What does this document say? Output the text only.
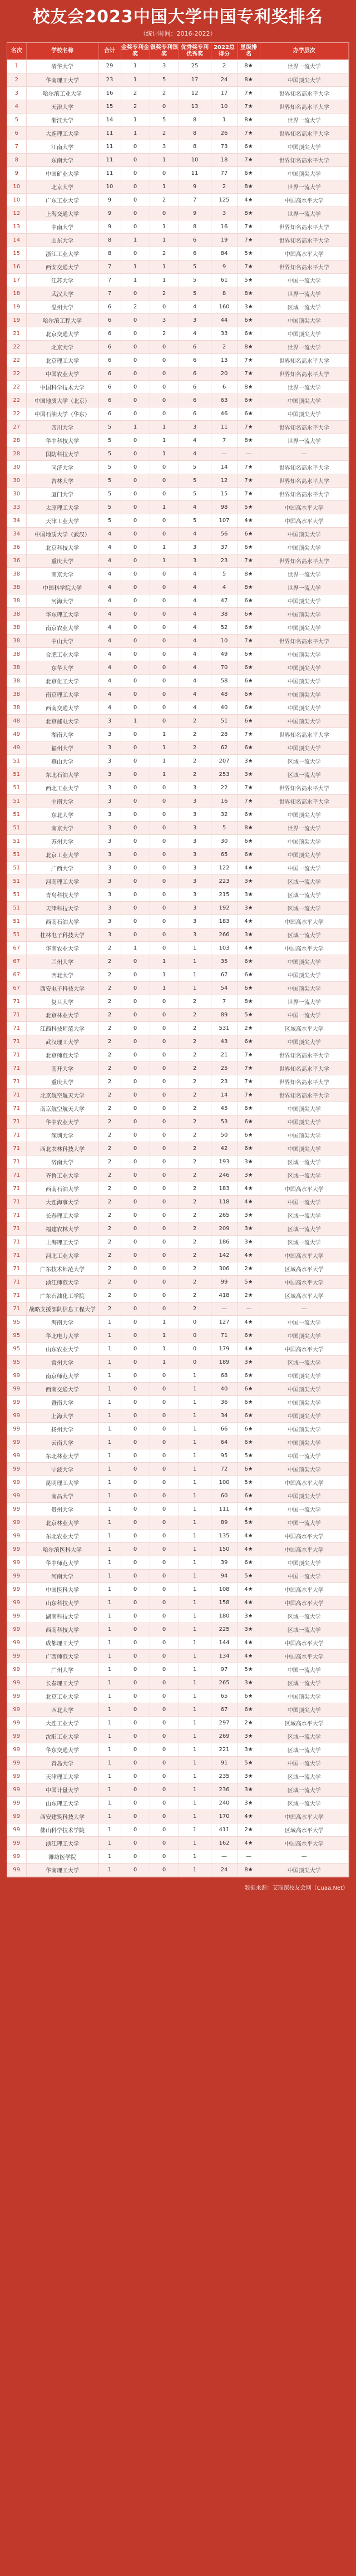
校友会2023中国大学中国专利奖排名
（统计时间：2016-2022）
名次	学校名称	合计	金奖专利金奖	银奖专利银奖	优秀奖专利优秀奖	2022总得分	星级排名	办学层次
1	清华大学	29	1	3	25	2	8★	世界一流大学
2	华南理工大学	23	1	5	17	24	8★	中国顶尖大学
3	哈尔滨工业大学	16	2	2	12	17	7★	世界知名高水平大学
4	天津大学	15	2	0	13	10	7★	世界知名高水平大学
5	浙江大学	14	1	5	8	1	8★	世界一流大学
6	大连理工大学	11	1	2	8	26	7★	世界知名高水平大学
7	江南大学	11	0	3	8	73	6★	中国顶尖大学
8	东南大学	11	0	1	10	18	7★	世界知名高水平大学
9	中国矿业大学	11	0	0	11	77	6★	中国顶尖大学
10	北京大学	10	0	1	9	2	8★	世界一流大学
10	广东工业大学	9	0	2	7	125	4★	中国高水平大学
12	上海交通大学	9	0	0	9	3	8★	世界一流大学
13	中南大学	9	0	1	8	16	7★	世界知名高水平大学
14	山东大学	8	1	1	6	19	7★	世界知名高水平大学
15	浙江工业大学	8	0	2	6	84	5★	中国高水平大学
16	西安交通大学	7	1	1	5	9	7★	世界知名高水平大学
17	江苏大学	7	1	1	5	61	5★	中国一流大学
18	武汉大学	7	0	2	5	8	8★	世界一流大学
19	温州大学	6	2	0	4	160	3★	区域一流大学
19	哈尔滨工程大学	6	0	3	3	44	6★	中国顶尖大学
21	北京交通大学	6	0	2	4	33	6★	中国顶尖大学
22	北京大学	6	0	0	6	2	8★	世界一流大学
22	北京理工大学	6	0	0	6	13	7★	世界知名高水平大学
22	中国农业大学	6	0	0	6	20	7★	世界知名高水平大学
22	中国科学技术大学	6	0	0	6	6	8★	世界一流大学
22	中国地质大学（北京）	6	0	0	6	63	6★	中国顶尖大学
22	中国石油大学（华东）	6	0	0	6	46	6★	中国顶尖大学
27	四川大学	5	1	1	3	11	7★	世界知名高水平大学
28	华中科技大学	5	0	1	4	7	8★	世界一流大学
28	国防科技大学	5	0	1	4	—	—	—
30	同济大学	5	0	0	5	14	7★	世界知名高水平大学
30	吉林大学	5	0	0	5	12	7★	世界知名高水平大学
30	厦门大学	5	0	0	5	15	7★	世界知名高水平大学
33	太原理工大学	5	0	1	4	98	5★	中国高水平大学
34	天津工业大学	5	0	0	5	107	4★	中国高水平大学
34	中国地质大学（武汉）	4	0	0	4	56	6★	中国顶尖大学
36	北京科技大学	4	0	1	3	37	6★	中国顶尖大学
36	重庆大学	4	0	1	3	23	7★	世界知名高水平大学
38	南京大学	4	0	0	4	5	8★	世界一流大学
38	中国科学院大学	4	0	0	4	4	8★	世界一流大学
38	河海大学	4	0	0	4	47	6★	中国顶尖大学
38	华东理工大学	4	0	0	4	38	6★	中国顶尖大学
38	南京农业大学	4	0	0	4	52	6★	中国顶尖大学
38	中山大学	4	0	0	4	10	7★	世界知名高水平大学
38	合肥工业大学	4	0	0	4	49	6★	中国顶尖大学
38	东华大学	4	0	0	4	70	6★	中国顶尖大学
38	北京化工大学	4	0	0	4	58	6★	中国顶尖大学
38	南京理工大学	4	0	0	4	48	6★	中国顶尖大学
38	西南交通大学	4	0	0	4	40	6★	中国顶尖大学
48	北京邮电大学	3	1	0	2	51	6★	中国顶尖大学
49	湖南大学	3	0	1	2	28	7★	世界知名高水平大学
49	福州大学	3	0	1	2	62	6★	中国顶尖大学
51	燕山大学	3	0	1	2	207	3★	区域一流大学
51	东北石油大学	3	0	1	2	253	3★	区域一流大学
51	西北工业大学	3	0	0	3	22	7★	世界知名高水平大学
51	中南大学	3	0	0	3	16	7★	世界知名高水平大学
51	东北大学	3	0	0	3	32	6★	中国顶尖大学
51	南京大学	3	0	0	3	5	8★	世界一流大学
51	苏州大学	3	0	0	3	30	6★	中国顶尖大学
51	北京工业大学	3	0	0	3	65	6★	中国顶尖大学
51	广西大学	3	0	0	3	122	4★	中国一流大学
51	河南理工大学	3	0	0	3	223	3★	区域一流大学
51	青岛科技大学	3	0	0	3	215	3★	区域一流大学
51	天津科技大学	3	0	0	3	192	3★	区域一流大学
51	西南石油大学	3	0	0	3	183	4★	中国高水平大学
51	桂林电子科技大学	3	0	0	3	266	3★	区域一流大学
67	华南农业大学	2	1	0	1	103	4★	中国高水平大学
67	兰州大学	2	0	1	1	35	6★	中国顶尖大学
67	西北大学	2	0	1	1	67	6★	中国顶尖大学
67	西安电子科技大学	2	0	1	1	54	6★	中国顶尖大学
71	复旦大学	2	0	0	2	7	8★	世界一流大学
71	北京林业大学	2	0	0	2	89	5★	中国一流大学
71	江西科技师范大学	2	0	0	2	531	2★	区域高水平大学
71	武汉理工大学	2	0	0	2	43	6★	中国顶尖大学
71	北京师范大学	2	0	0	2	21	7★	世界知名高水平大学
71	南开大学	2	0	0	2	25	7★	世界知名高水平大学
71	重庆大学	2	0	0	2	23	7★	世界知名高水平大学
71	北京航空航天大学	2	0	0	2	14	7★	世界知名高水平大学
71	南京航空航天大学	2	0	0	2	45	6★	中国顶尖大学
71	华中农业大学	2	0	0	2	53	6★	中国顶尖大学
71	深圳大学	2	0	0	2	50	6★	中国顶尖大学
71	西北农林科技大学	2	0	0	2	42	6★	中国顶尖大学
71	济南大学	2	0	0	2	193	3★	区域一流大学
71	齐鲁工业大学	2	0	0	2	246	3★	区域一流大学
71	西南石油大学	2	0	0	2	183	4★	中国高水平大学
71	大连海事大学	2	0	0	2	118	4★	中国一流大学
71	长春理工大学	2	0	0	2	265	3★	区域一流大学
71	福建农林大学	2	0	0	2	209	3★	区域一流大学
71	上海理工大学	2	0	0	2	186	3★	区域一流大学
71	河北工业大学	2	0	0	2	142	4★	中国高水平大学
71	广东技术师范大学	2	0	0	2	306	2★	区域高水平大学
71	浙江师范大学	2	0	0	2	99	5★	中国高水平大学
71	广东石油化工学院	2	0	0	2	418	2★	区域高水平大学
71	战略支援部队信息工程大学	2	0	0	2	—	—	—
95	海南大学	1	0	1	0	127	4★	中国一流大学
95	华北电力大学	1	0	1	0	71	6★	中国顶尖大学
95	山东农业大学	1	0	1	0	179	4★	中国高水平大学
95	常州大学	1	0	1	0	189	3★	区域一流大学
99	南京师范大学	1	0	0	1	68	6★	中国顶尖大学
99	西南交通大学	1	0	0	1	40	6★	中国顶尖大学
99	暨南大学	1	0	0	1	36	6★	中国顶尖大学
99	上海大学	1	0	0	1	34	6★	中国顶尖大学
99	扬州大学	1	0	0	1	66	6★	中国顶尖大学
99	云南大学	1	0	0	1	64	6★	中国顶尖大学
99	东北林业大学	1	0	0	1	95	5★	中国一流大学
99	宁波大学	1	0	0	1	72	6★	中国顶尖大学
99	昆明理工大学	1	0	0	1	100	5★	中国高水平大学
99	南昌大学	1	0	0	1	60	6★	中国顶尖大学
99	贵州大学	1	0	0	1	111	4★	中国一流大学
99	北京林业大学	1	0	0	1	89	5★	中国一流大学
99	东北农业大学	1	0	0	1	135	4★	中国高水平大学
99	哈尔滨医科大学	1	0	0	1	150	4★	中国高水平大学
99	华中师范大学	1	0	0	1	39	6★	中国顶尖大学
99	河南大学	1	0	0	1	94	5★	中国一流大学
99	中国医科大学	1	0	0	1	108	4★	中国高水平大学
99	山东科技大学	1	0	0	1	158	4★	中国高水平大学
99	湖南科技大学	1	0	0	1	180	3★	区域一流大学
99	西南科技大学	1	0	0	1	225	3★	区域一流大学
99	成都理工大学	1	0	0	1	144	4★	中国高水平大学
99	广西师范大学	1	0	0	1	134	4★	中国高水平大学
99	广州大学	1	0	0	1	97	5★	中国一流大学
99	长春理工大学	1	0	0	1	265	3★	区域一流大学
99	北京工业大学	1	0	0	1	65	6★	中国顶尖大学
99	西北大学	1	0	0	1	67	6★	中国顶尖大学
99	大连工业大学	1	0	0	1	297	2★	区域高水平大学
99	沈阳工业大学	1	0	0	1	269	3★	区域一流大学
99	华东交通大学	1	0	0	1	221	3★	区域一流大学
99	青岛大学	1	0	0	1	91	5★	中国一流大学
99	天津理工大学	1	0	0	1	235	3★	区域一流大学
99	中国计量大学	1	0	0	1	236	3★	区域一流大学
99	山东理工大学	1	0	0	1	240	3★	区域一流大学
99	西安建筑科技大学	1	0	0	1	170	4★	中国高水平大学
99	佛山科学技术学院	1	0	0	1	411	2★	区域高水平大学
99	浙江理工大学	1	0	0	1	162	4★	中国高水平大学
99	潍坊医学院	1	0	0	1	—	—	—
99	华南理工大学	1	0	0	1	24	8★	中国顶尖大学
数据来源：艾瑞深校友会网（Cuaa.Net）
